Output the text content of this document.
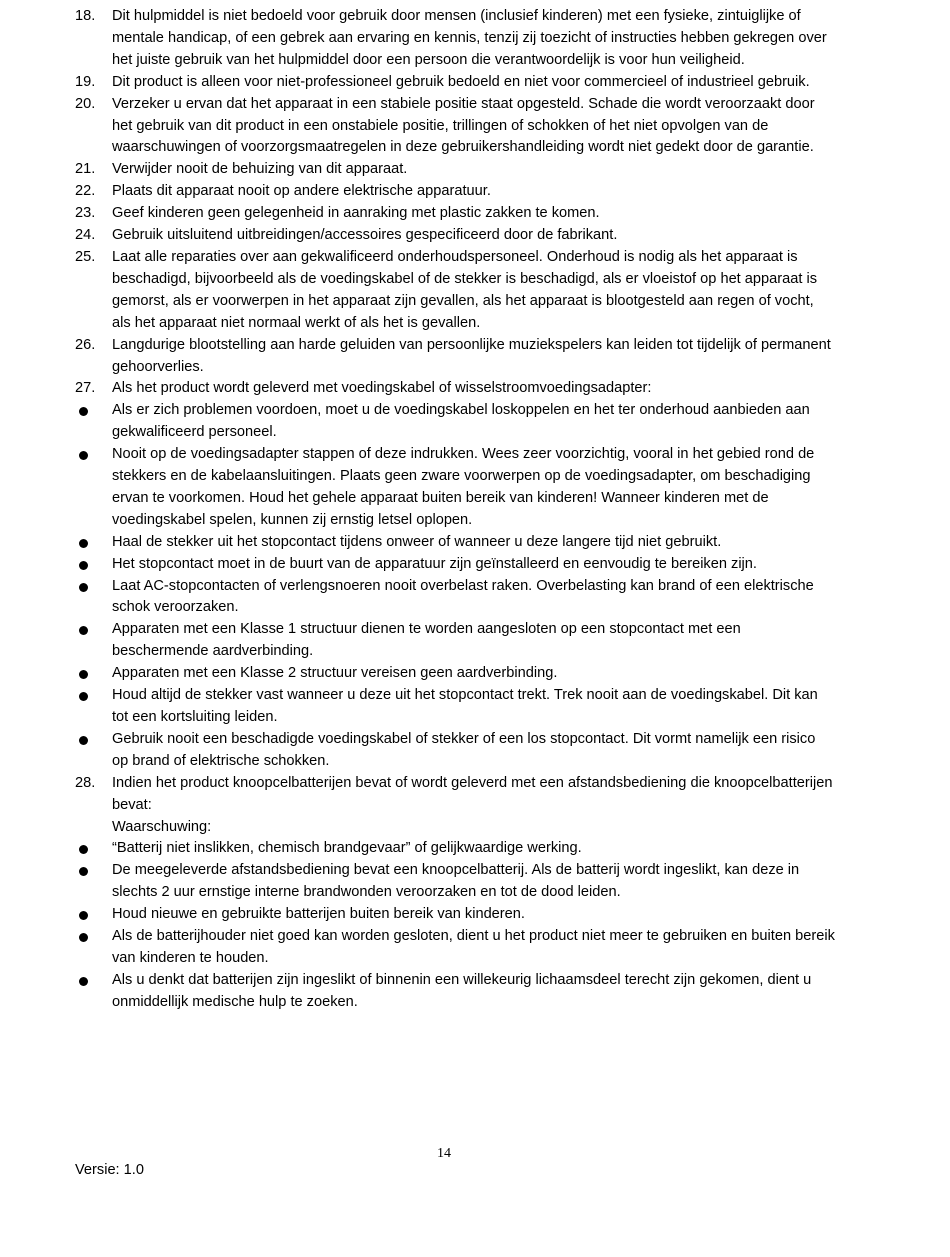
18. Dit hulpmiddel is niet bedoeld voor gebruik door mensen (inclusief kinderen) met een fysieke, zintuiglijke of mentale handicap, of een gebrek aan ervaring en kennis, tenzij zij toezicht of instructies hebben gekregen over het juiste gebruik van het hulpmiddel door een persoon die verantwoordelijk is voor hun veiligheid.
19. Dit product is alleen voor niet-professioneel gebruik bedoeld en niet voor commercieel of industrieel gebruik.
20. Verzeker u ervan dat het apparaat in een stabiele positie staat opgesteld. Schade die wordt veroorzaakt door het gebruik van dit product in een onstabiele positie, trillingen of schokken of het niet opvolgen van de waarschuwingen of voorzorgsmaatregelen in deze gebruikershandleiding wordt niet gedekt door de garantie.
21. Verwijder nooit de behuizing van dit apparaat.
22. Plaats dit apparaat nooit op andere elektrische apparatuur.
23. Geef kinderen geen gelegenheid in aanraking met plastic zakken te komen.
24. Gebruik uitsluitend uitbreidingen/accessoires gespecificeerd door de fabrikant.
25. Laat alle reparaties over aan gekwalificeerd onderhoudspersoneel. Onderhoud is nodig als het apparaat is beschadigd, bijvoorbeeld als de voedingskabel of de stekker is beschadigd, als er vloeistof op het apparaat is gemorst, als er voorwerpen in het apparaat zijn gevallen, als het apparaat is blootgesteld aan regen of vocht, als het apparaat niet normaal werkt of als het is gevallen.
26. Langdurige blootstelling aan harde geluiden van persoonlijke muziekspelers kan leiden tot tijdelijk of permanent gehoorverlies.
27. Als het product wordt geleverd met voedingskabel of wisselstroomvoedingsadapter:
Als er zich problemen voordoen, moet u de voedingskabel loskoppelen en het ter onderhoud aanbieden aan gekwalificeerd personeel.
Nooit op de voedingsadapter stappen of deze indrukken. Wees zeer voorzichtig, vooral in het gebied rond de stekkers en de kabelaansluitingen. Plaats geen zware voorwerpen op de voedingsadapter, om beschadiging ervan te voorkomen. Houd het gehele apparaat buiten bereik van kinderen! Wanneer kinderen met de voedingskabel spelen, kunnen zij ernstig letsel oplopen.
Haal de stekker uit het stopcontact tijdens onweer of wanneer u deze langere tijd niet gebruikt.
Het stopcontact moet in de buurt van de apparatuur zijn geïnstalleerd en eenvoudig te bereiken zijn.
Laat AC-stopcontacten of verlengsnoeren nooit overbelast raken. Overbelasting kan brand of een elektrische schok veroorzaken.
Apparaten met een Klasse 1 structuur dienen te worden aangesloten op een stopcontact met een beschermende aardverbinding.
Apparaten met een Klasse 2 structuur vereisen geen aardverbinding.
Houd altijd de stekker vast wanneer u deze uit het stopcontact trekt. Trek nooit aan de voedingskabel. Dit kan tot een kortsluiting leiden.
Gebruik nooit een beschadigde voedingskabel of stekker of een los stopcontact. Dit vormt namelijk een risico op brand of elektrische schokken.
28. Indien het product knoopcelbatterijen bevat of wordt geleverd met een afstandsbediening die knoopcelbatterijen bevat:
Waarschuwing:
“Batterij niet inslikken, chemisch brandgevaar” of gelijkwaardige werking.
De meegeleverde afstandsbediening bevat een knoopcelbatterij. Als de batterij wordt ingeslikt, kan deze in slechts 2 uur ernstige interne brandwonden veroorzaken en tot de dood leiden.
Houd nieuwe en gebruikte batterijen buiten bereik van kinderen.
Als de batterijhouder niet goed kan worden gesloten, dient u het product niet meer te gebruiken en buiten bereik van kinderen te houden.
Als u denkt dat batterijen zijn ingeslikt of binnenin een willekeurig lichaamsdeel terecht zijn gekomen, dient u onmiddellijk medische hulp te zoeken.
14
Versie: 1.0
